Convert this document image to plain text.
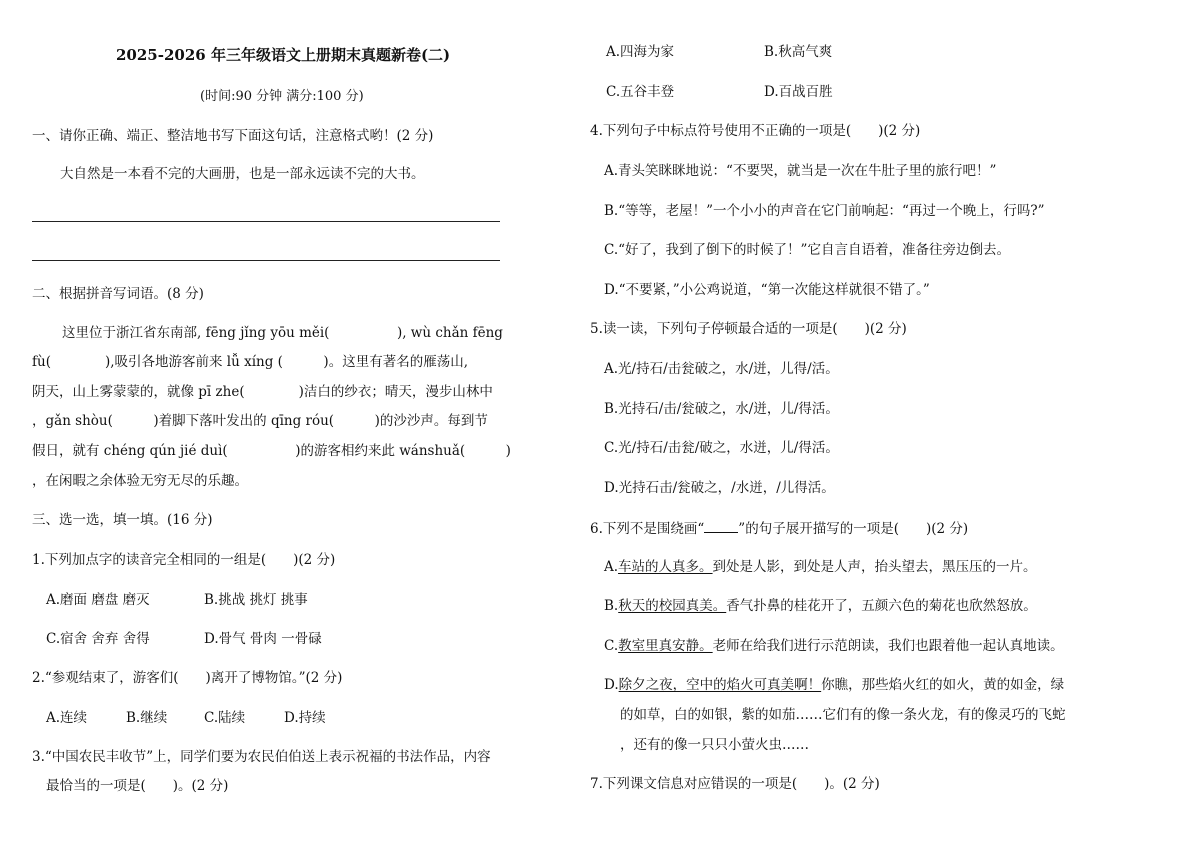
2025-2026 年三年级语文上册期末真题新卷(二)
(时间:90 分钟 满分:100 分)
一、请你正确、端正、整洁地书写下面这句话，注意格式哟！(2 分)
大自然是一本看不完的大画册，也是一部永远读不完的大书。
二、根据拼音写词语。(8 分)
这里位于浙江省东南部, fēng jǐng yōu měi(　　　　　), wù chǎn fēng
fù(　　　　),吸引各地游客前来 lǚ xíng (　　　)。这里有著名的雁荡山,
阴天，山上雾蒙蒙的，就像 pī zhe(　　　　)洁白的纱衣；晴天，漫步山林中
，gǎn shòu(　　　)着脚下落叶发出的 qīng róu(　　　)的沙沙声。每到节
假日，就有 chéng qún jié duì(　　　　　)的游客相约来此 wánshuǎ(　　　)
，在闲暇之余体验无穷无尽的乐趣。
三、选一选，填一填。(16 分)
1.下列加点字的读音完全相同的一组是(　　)(2 分)
A.磨面 磨盘 磨灭	B.挑战 挑灯 挑事
C.宿舍 舍弃 舍得	D.骨气 骨肉 一骨碌
2.“参观结束了，游客们(　　)离开了博物馆。”(2 分)
A.连续	B.继续	C.陆续	D.持续
3.“中国农民丰收节”上，同学们要为农民伯伯送上表示祝福的书法作品，内容
最恰当的一项是(　　)。(2 分)
A.四海为家	B.秋高气爽
C.五谷丰登	D.百战百胜
4.下列句子中标点符号使用不正确的一项是(　　)(2 分)
A.青头笑眯眯地说：“不要哭，就当是一次在牛肚子里的旅行吧！”
B.“等等，老屋！”一个小小的声音在它门前响起：“再过一个晚上，行吗?”
C.“好了，我到了倒下的时候了！”它自言自语着，准备往旁边倒去。
D.“不要紧，”小公鸡说道，“第一次能这样就很不错了。”
5.读一读，下列句子停顿最合适的一项是(　　)(2 分)
A.光/持石/击瓮破之，水/迸，儿得/活。
B.光持石/击/瓮破之，水/迸，儿/得活。
C.光/持石/击瓮/破之，水迸，儿/得活。
D.光持石击/瓮破之，/水迸，/儿得活。
6.下列不是围绕画“	”的句子展开描写的一项是(　　)(2 分)
A.车站的人真多。到处是人影，到处是人声，抬头望去，黑压压的一片。
B.秋天的校园真美。香气扑鼻的桂花开了，五颜六色的菊花也欣然怒放。
C.教室里真安静。老师在给我们进行示范朗读，我们也跟着他一起认真地读。
D.除夕之夜，空中的焰火可真美啊！你瞧，那些焰火红的如火，黄的如金，绿
的如草，白的如银，紫的如茄……它们有的像一条火龙，有的像灵巧的飞蛇
，还有的像一只只小萤火虫……
7.下列课文信息对应错误的一项是(　　)。(2 分)
